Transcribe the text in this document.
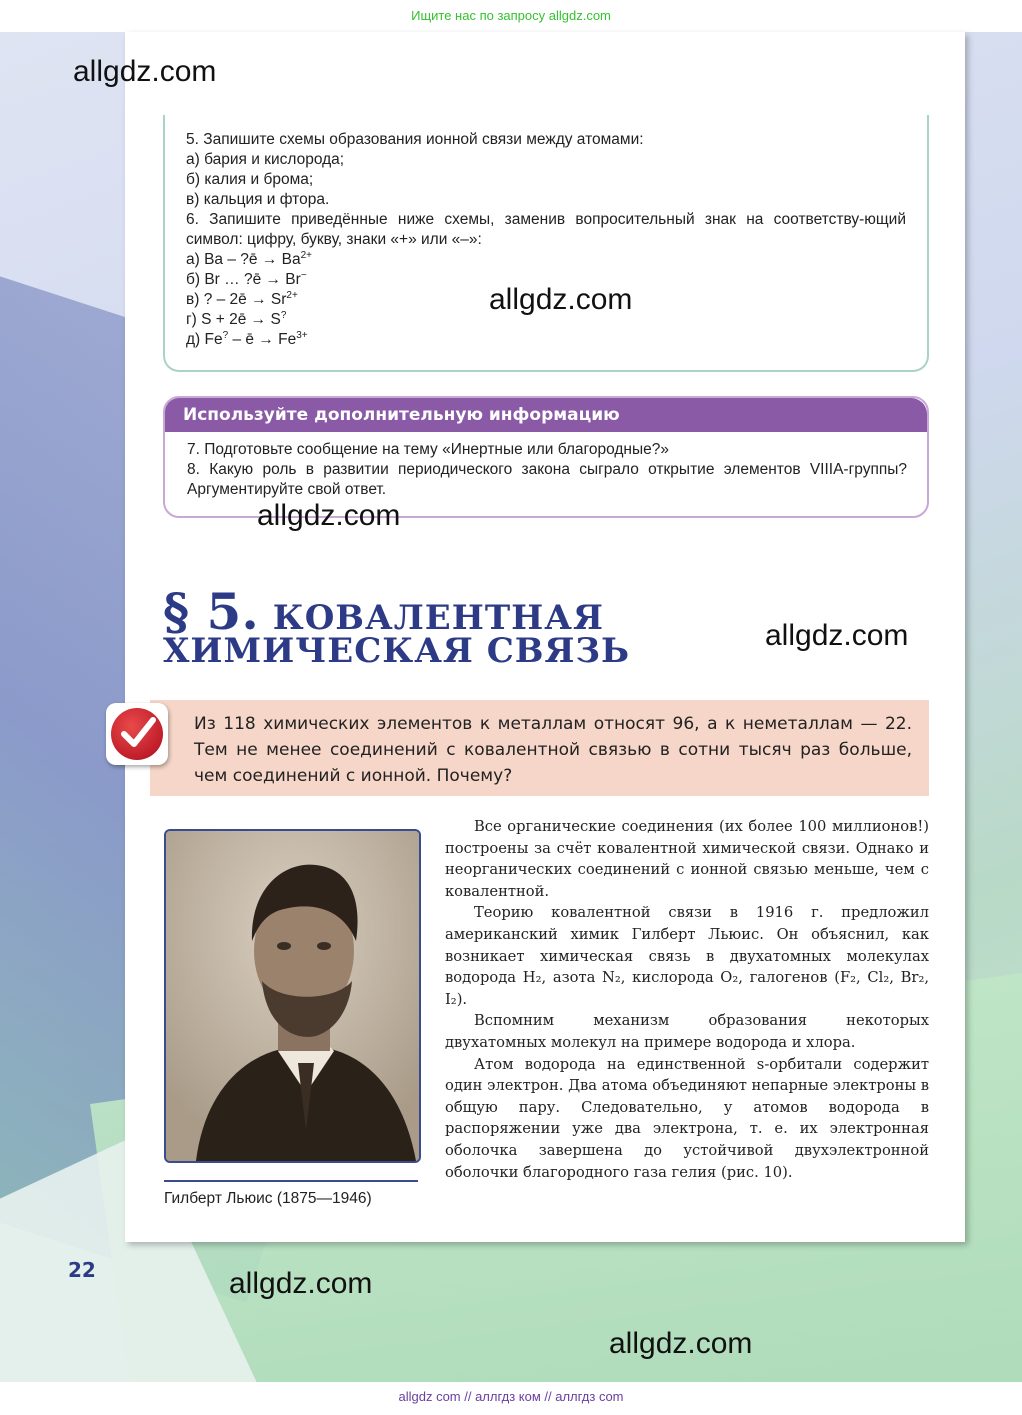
Ищите нас по запросу allgdz.com
5. Запишите схемы образования ионной связи между атомами:
а) бария и кислорода;
б) калия и брома;
в) кальция и фтора.
6. Запишите приведённые ниже схемы, заменив вопросительный знак на соответству-ющий символ: цифру, букву, знаки «+» или «–»:
а) Ba – ?ē → $Ba^{2+}$
б) Br … ?ē → Br−
в) ? – 2ē → $Sr^{2+}$
г) S + 2ē → S?
д) Fe? – ē → $Fe^{3+}$
Используйте дополнительную информацию
7. Подготовьте сообщение на тему «Инертные или благородные?»
8. Какую роль в развитии периодического закона сыграло открытие элементов VIIIA-группы? Аргументируйте свой ответ.
§ 5. КОВАЛЕНТНАЯ
ХИМИЧЕСКАЯ СВЯЗЬ
Из 118 химических элементов к металлам относят 96, а к неметаллам — 22. Тем не менее соединений с ковалентной связью в сотни тысяч раз больше, чем соединений с ионной. Почему?
Гилберт Льюис (1875—1946)

Все органические соединения (их более 100 миллионов!) построены за счёт ковалентной химической связи. Однако и неорганических соединений с ионной связью меньше, чем с ковалентной.

Теорию ковалентной связи в 1916 г. предложил американский химик Гилберт Льюис. Он объяснил, как возникает химическая связь в двухатомных молекулах водорода H₂, азота N₂, кислорода O₂, галогенов (F₂, Cl₂, Br₂, I₂).

Вспомним механизм образования некоторых двухатомных молекул на примере водорода и хлора.

Атом водорода на единственной s-орбитали содержит один электрон. Два атома объединяют непарные электроны в общую пару. Следовательно, у атомов водорода в распоряжении уже два электрона, т. е. их электронная оболочка завершена до устойчивой двухэлектронной оболочки благородного газа гелия (рис. 10).

22
allgdz.com
allgdz.com
allgdz.com
allgdz.com
allgdz.com
allgdz.com
allgdz com // аллгдз ком // аллгдз com
